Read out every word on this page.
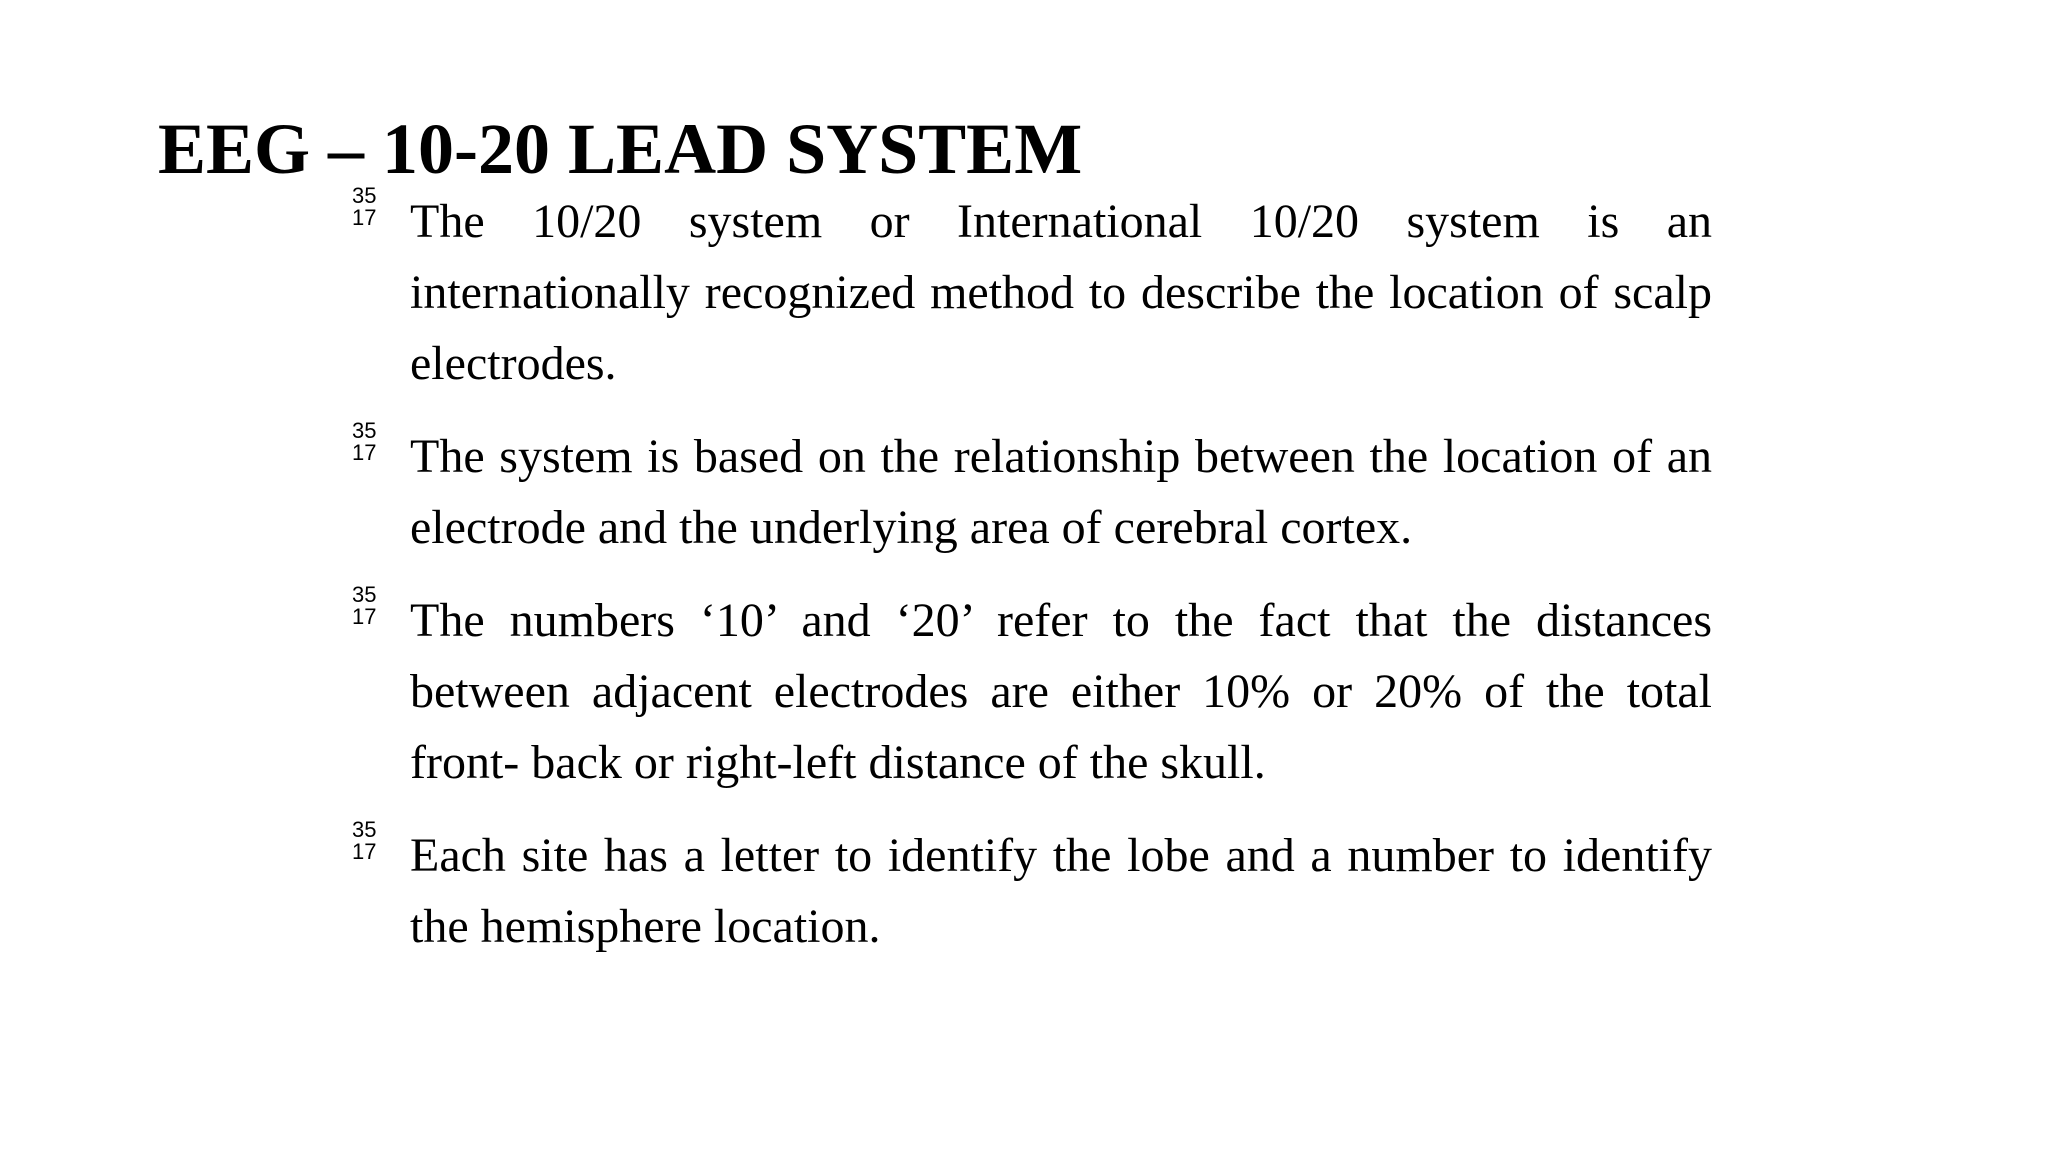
EEG – 10-20 LEAD SYSTEM
35
17 The 10/20 system or International 10/20 system is an internationally recognized method to describe the location of scalp electrodes.
35
17 The system is based on the relationship between the location of an electrode and the underlying area of cerebral cortex.
35
17 The numbers ‘10’ and ‘20’ refer to the fact that the distances between adjacent electrodes are either 10% or 20% of the total front- back or right-left distance of the skull.
35
17 Each site has a letter to identify the lobe and a number to identify the hemisphere location.
